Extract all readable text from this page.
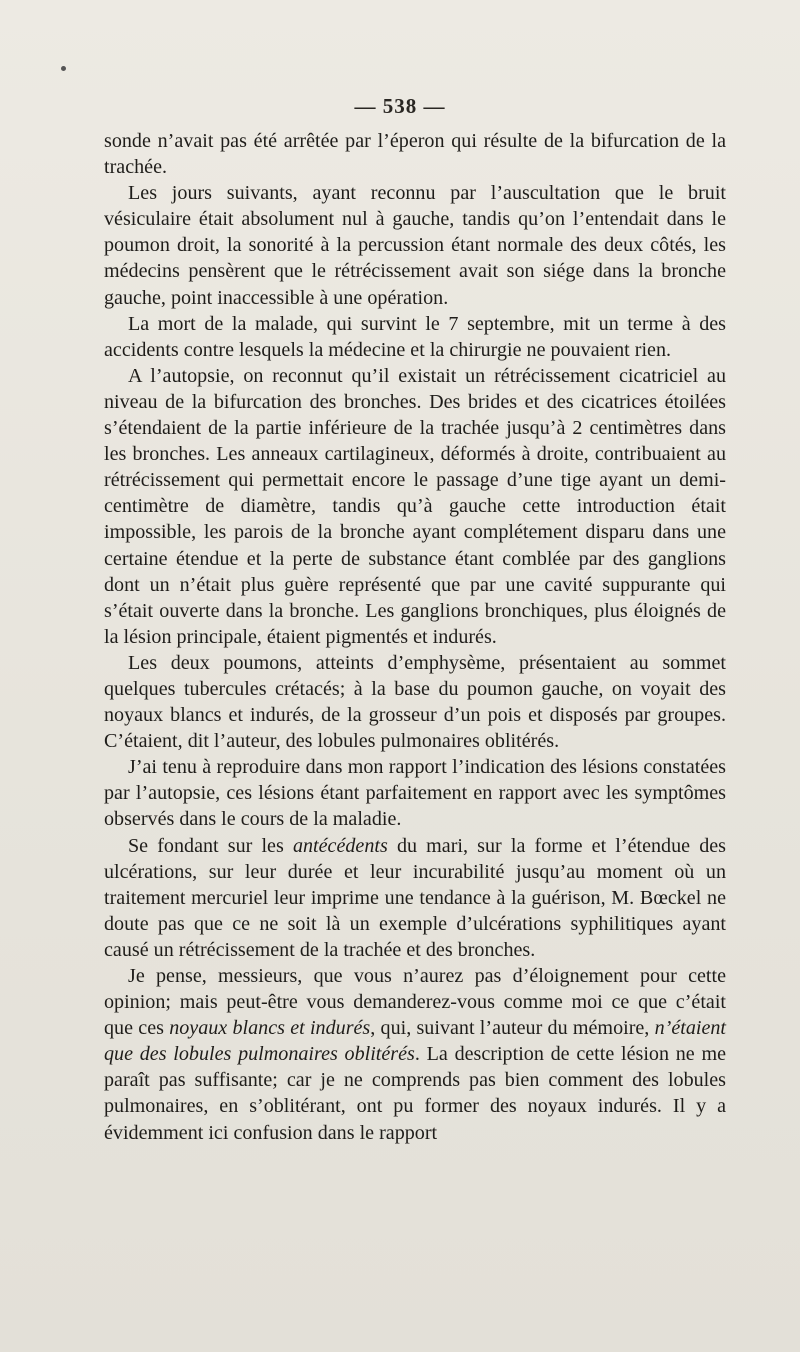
— 538 —

sonde n’avait pas été arrêtée par l’éperon qui résulte de la bifurcation de la trachée.

Les jours suivants, ayant reconnu par l’auscultation que le bruit vésiculaire était absolument nul à gauche, tandis qu’on l’entendait dans le poumon droit, la sonorité à la percussion étant normale des deux côtés, les médecins pensèrent que le rétrécissement avait son siége dans la bronche gauche, point inaccessible à une opération.

La mort de la malade, qui survint le 7 septembre, mit un terme à des accidents contre lesquels la médecine et la chirurgie ne pouvaient rien.

A l’autopsie, on reconnut qu’il existait un rétrécissement cicatriciel au niveau de la bifurcation des bronches. Des brides et des cicatrices étoilées s’étendaient de la partie inférieure de la trachée jusqu’à 2 centimètres dans les bronches. Les anneaux cartilagineux, déformés à droite, contribuaient au rétrécissement qui permettait encore le passage d’une tige ayant un demi-centimètre de diamètre, tandis qu’à gauche cette introduction était impossible, les parois de la bronche ayant complétement disparu dans une certaine étendue et la perte de substance étant comblée par des ganglions dont un n’était plus guère représenté que par une cavité suppurante qui s’était ouverte dans la bronche. Les ganglions bronchiques, plus éloignés de la lésion principale, étaient pigmentés et indurés.

Les deux poumons, atteints d’emphysème, présentaient au sommet quelques tubercules crétacés; à la base du poumon gauche, on voyait des noyaux blancs et indurés, de la grosseur d’un pois et disposés par groupes. C’étaient, dit l’auteur, des lobules pulmonaires oblitérés.

J’ai tenu à reproduire dans mon rapport l’indication des lésions constatées par l’autopsie, ces lésions étant parfaitement en rapport avec les symptômes observés dans le cours de la maladie.

Se fondant sur les antécédents du mari, sur la forme et l’étendue des ulcérations, sur leur durée et leur incurabilité jusqu’au moment où un traitement mercuriel leur imprime une tendance à la guérison, M. Bœckel ne doute pas que ce ne soit là un exemple d’ulcérations syphilitiques ayant causé un rétrécissement de la trachée et des bronches.

Je pense, messieurs, que vous n’aurez pas d’éloignement pour cette opinion; mais peut-être vous demanderez-vous comme moi ce que c’était que ces noyaux blancs et indurés, qui, suivant l’auteur du mémoire, n’étaient que des lobules pulmonaires oblitérés. La description de cette lésion ne me paraît pas suffisante; car je ne comprends pas bien comment des lobules pulmonaires, en s’oblitérant, ont pu former des noyaux indurés. Il y a évidemment ici confusion dans le rapport
